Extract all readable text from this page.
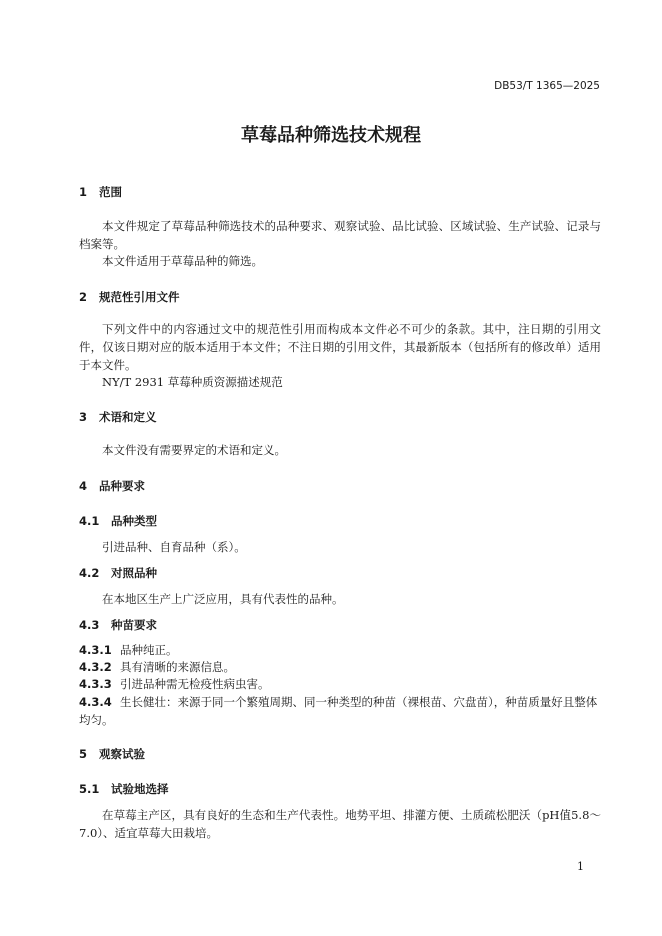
DB53/T 1365—2025
草莓品种筛选技术规程
1 范围
本文件规定了草莓品种筛选技术的品种要求、观察试验、品比试验、区域试验、生产试验、记录与档案等。
本文件适用于草莓品种的筛选。
2 规范性引用文件
下列文件中的内容通过文中的规范性引用而构成本文件必不可少的条款。其中，注日期的引用文件，仅该日期对应的版本适用于本文件；不注日期的引用文件，其最新版本（包括所有的修改单）适用于本文件。
NY/T 2931 草莓种质资源描述规范
3 术语和定义
本文件没有需要界定的术语和定义。
4 品种要求
4.1 品种类型
引进品种、自育品种（系）。
4.2 对照品种
在本地区生产上广泛应用，具有代表性的品种。
4.3 种苗要求
4.3.1 品种纯正。
4.3.2 具有清晰的来源信息。
4.3.3 引进品种需无检疫性病虫害。
4.3.4 生长健壮：来源于同一个繁殖周期、同一种类型的种苗（裸根苗、穴盘苗），种苗质量好且整体均匀。
5 观察试验
5.1 试验地选择
在草莓主产区，具有良好的生态和生产代表性。地势平坦、排灌方便、土质疏松肥沃（pH值5.8～7.0）、适宜草莓大田栽培。
1
